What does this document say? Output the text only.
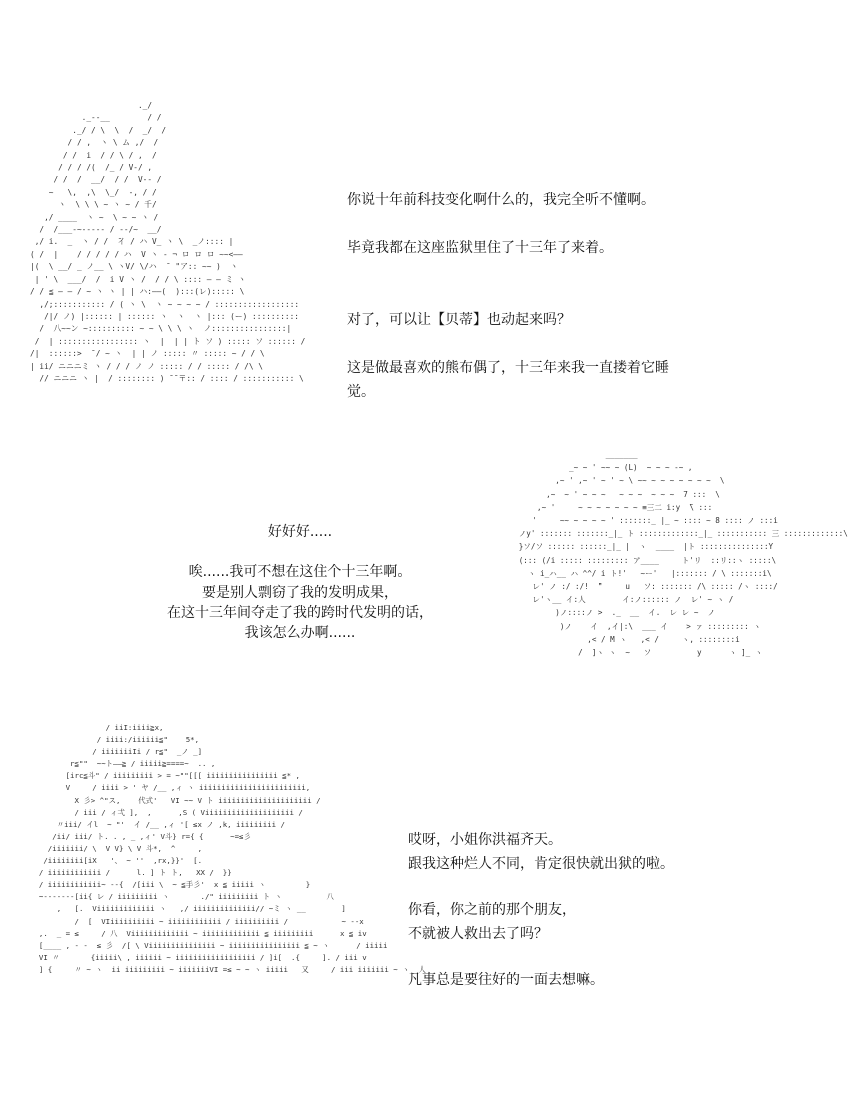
._/
._--__        / /
._/ / \  \  /  _/  /
/ / ,  ヽ \ ム ,/  /
/ /  i  / / \ / ,  /
/ / / /(  /_ / V-/ ,
/ /  /  __/  / /  V-- /
~   \,  ,\  \_/  -, / /
ヽ  \ \ \ ~ ヽ ~ / 千/
,/ ____  ヽ ~  \ ~ ~ ヽ /
/  /___-~----- / --/~  __/
,/ i.  _  ヽ / /  ̄イ / ハ V_ ヽ \  _ノ:::: |
( /  |    / / / / / ハ  V ヽ - ¬ ロ ロ ロ ~~<――
|(  \ __/ _ ノ__ \ ヽV/ \/ハ  ̄  "ア:: ~~ )  ヽ
| ' \  ___/  /  i V ヽ /  / / \ :::: ― ― ミ ヽ
/ / ≦ ― ― / ~ ヽ ヽ | | ハ:――(  ):::(レ)::::: \
,/;::::::::::: / ( ヽ \  ヽ ~ ~ ~ ~ / ::::::::::::::::::
/|/ ノ) |:::::: | :::::: ヽ  ヽ  ヽ |::: (ー) ::::::::::
/  八~~ン ~:::::::::: ~ ~ \ \ \ ヽ  ノ::::::::::::::::|
/  | ::::::::::::::::: ヽ  |  | | ト ソ ) ::::: ソ :::::: /
/|  ::::::>  ̄ / ~ ヽ  | | ノ ::::: 〃 ::::: ~ / / \
| ii/ ニニニミ ヽ / / / ノ ノ ::::: / / ::::: / /\ \
// ニニニ ヽ |  / :::::::: ) ̄ ̄ 〒:: / :::: / ::::::::::: \

你说十年前科技变化啊什么的，我完全听不懂啊。

毕竟我都在这座监狱里住了十三年了来着。

对了，可以让【贝蒂】也动起来吗？

这是做最喜欢的熊布偶了，十三年来我一直搂着它睡

觉。

好好好.....

唉......我可不想在这住个十三年啊。

要是别人剽窃了我的发明成果，

在这十三年间夺走了我的跨时代发明的话，

我该怎么办啊......

_______
_~ ~ ' ~~ ~ (L)  ~ ~ ~ -~ ,
,~ ' ,~ ' ~ ' ~ \ ~~ ~ ~ ~ ~ ~ ~ ~  \
,~  ~ ' ~ ~ ~   ~ ~ ~  ~ ~ ~  7 :::  \
,~ '     ~ ~ ~ ~ ~ ~ ~ ≡三二 i:y  ̄\ :::
'     ~~ ~ ~ ~ ~ ' :::::::_ |_ ~ :::: ~ 8 :::: ノ :::i
ノy' ::::::: :::::::_|_ ト :::::::::::::_|_ ::::::::::: 三 :::::::::::::\
}ソ/ソ :::::: ::::::_|_ |  ヽ  ____  |ト :::::::::::::::Y
(::: (/i ::::: ::::::::: ア____     ト'リ  ::リ::ヽ :::::\
ヽ i_ハ__ ハ ^^/ i ト!'   ~ー'   |::::::: / \ :::::::i\
レ' ノ :/ :/!  ̄"     u   ソ: ::::::: /\ ::::: /ヽ ::::/
レ'ヽ__ イ:人        イ:ノ:::::: ノ  レ' ~ ヽ /
)ノ::::ノ >  ._  __  イ.  レ レ ~  ノ
)ノ    イ  ,イ|:\  ___ イ    > ァ ::::::::: ヽ
,< / M ヽ   ,< /     ヽ, ::::::::i
/  ]ヽ ヽ  ~   ソ          y      ヽ ]_ ヽ
/ iiI:iiii≧x,
/ iiii:/iiiiii≦"    5*,
/ iiiiiiiIi / r≦"  _ノ _]
r≦""  ~~ト――≧ / iiiii≧====~  .. ,
[irc≦斗" / iiiiiiiii > = ~""[[[ iiiiiiiiiiiiiiii ≦* ,
V     / iiii > ' ヤ /__ ,ィ ヽ iiiiiiiiiiiiiiiiiiiiiiii,
X 彡> ^"ス,    代式'   VI ~~ V ト iiiiiiiiiiiiiiiiiiiii /
/ iii / ィ弌 ],  ,      ,S ( Viiiiiiiiiiiiiiiiiiii /
〃iii/ イl  ~ "'  イ /__ ,ィ '[ ≤x ノ ,k, iiiiiiiii /
/ii/ iii/ ト. . , _ ,ィ' V斗} r={ {      ~=≤彡
/iiiiiii/ \  V V} \ V 斗*,  ^     ,
/iiiiiiii[iX   '、 ~ ''  ,rx,}}'  [.
/ iiiiiiiiiiii /      l. ] ト ト,   XX /  }}
/ iiiiiiiiiiii~ --{  /[iii \  ~ ≦手彡'  x ≦ iiiii ヽ         }
~-------[ii{ レ / iiiiiiiii ヽ       ./" iiiiiiiii ト ヽ          八
,   [.  Viiiiiiiiiiiii ヽ   ,/ iiiiiiiiiiiiii// ~ミ ヽ __        ]
/  [  VIiiiiiiiiii ~ iiiiiiiiiiii / iiiiiiiiii /            ~ --x
,.  _ = ≤     / 八  Viiiiiiiiiiiii ~ iiiiiiiiiiiii ≦ iiiiiiiii      x ≦ iv
[____ , - -  ≤ 彡  /[ \ Viiiiiiiiiiiiiii ~ iiiiiiiiiiiiiiii ≦ ~ ヽ      / iiiii
VI 〃       {iiiii\ , iiiiii ~ iiiiiiiiiiiiiiiiii / ]i[  .{     ]. / iii v
] {     〃 ~ ヽ  ii iiiiiiiii ~ iiiiiiiVI =≤ ~ ~ ヽ iiiii   又     / iii iiiiiii ~ ヽ_ 人

哎呀，小姐你洪福齐天。

跟我这种烂人不同，肯定很快就出狱的啦。

你看，你之前的那个朋友，

不就被人救出去了吗？

凡事总是要往好的一面去想嘛。
